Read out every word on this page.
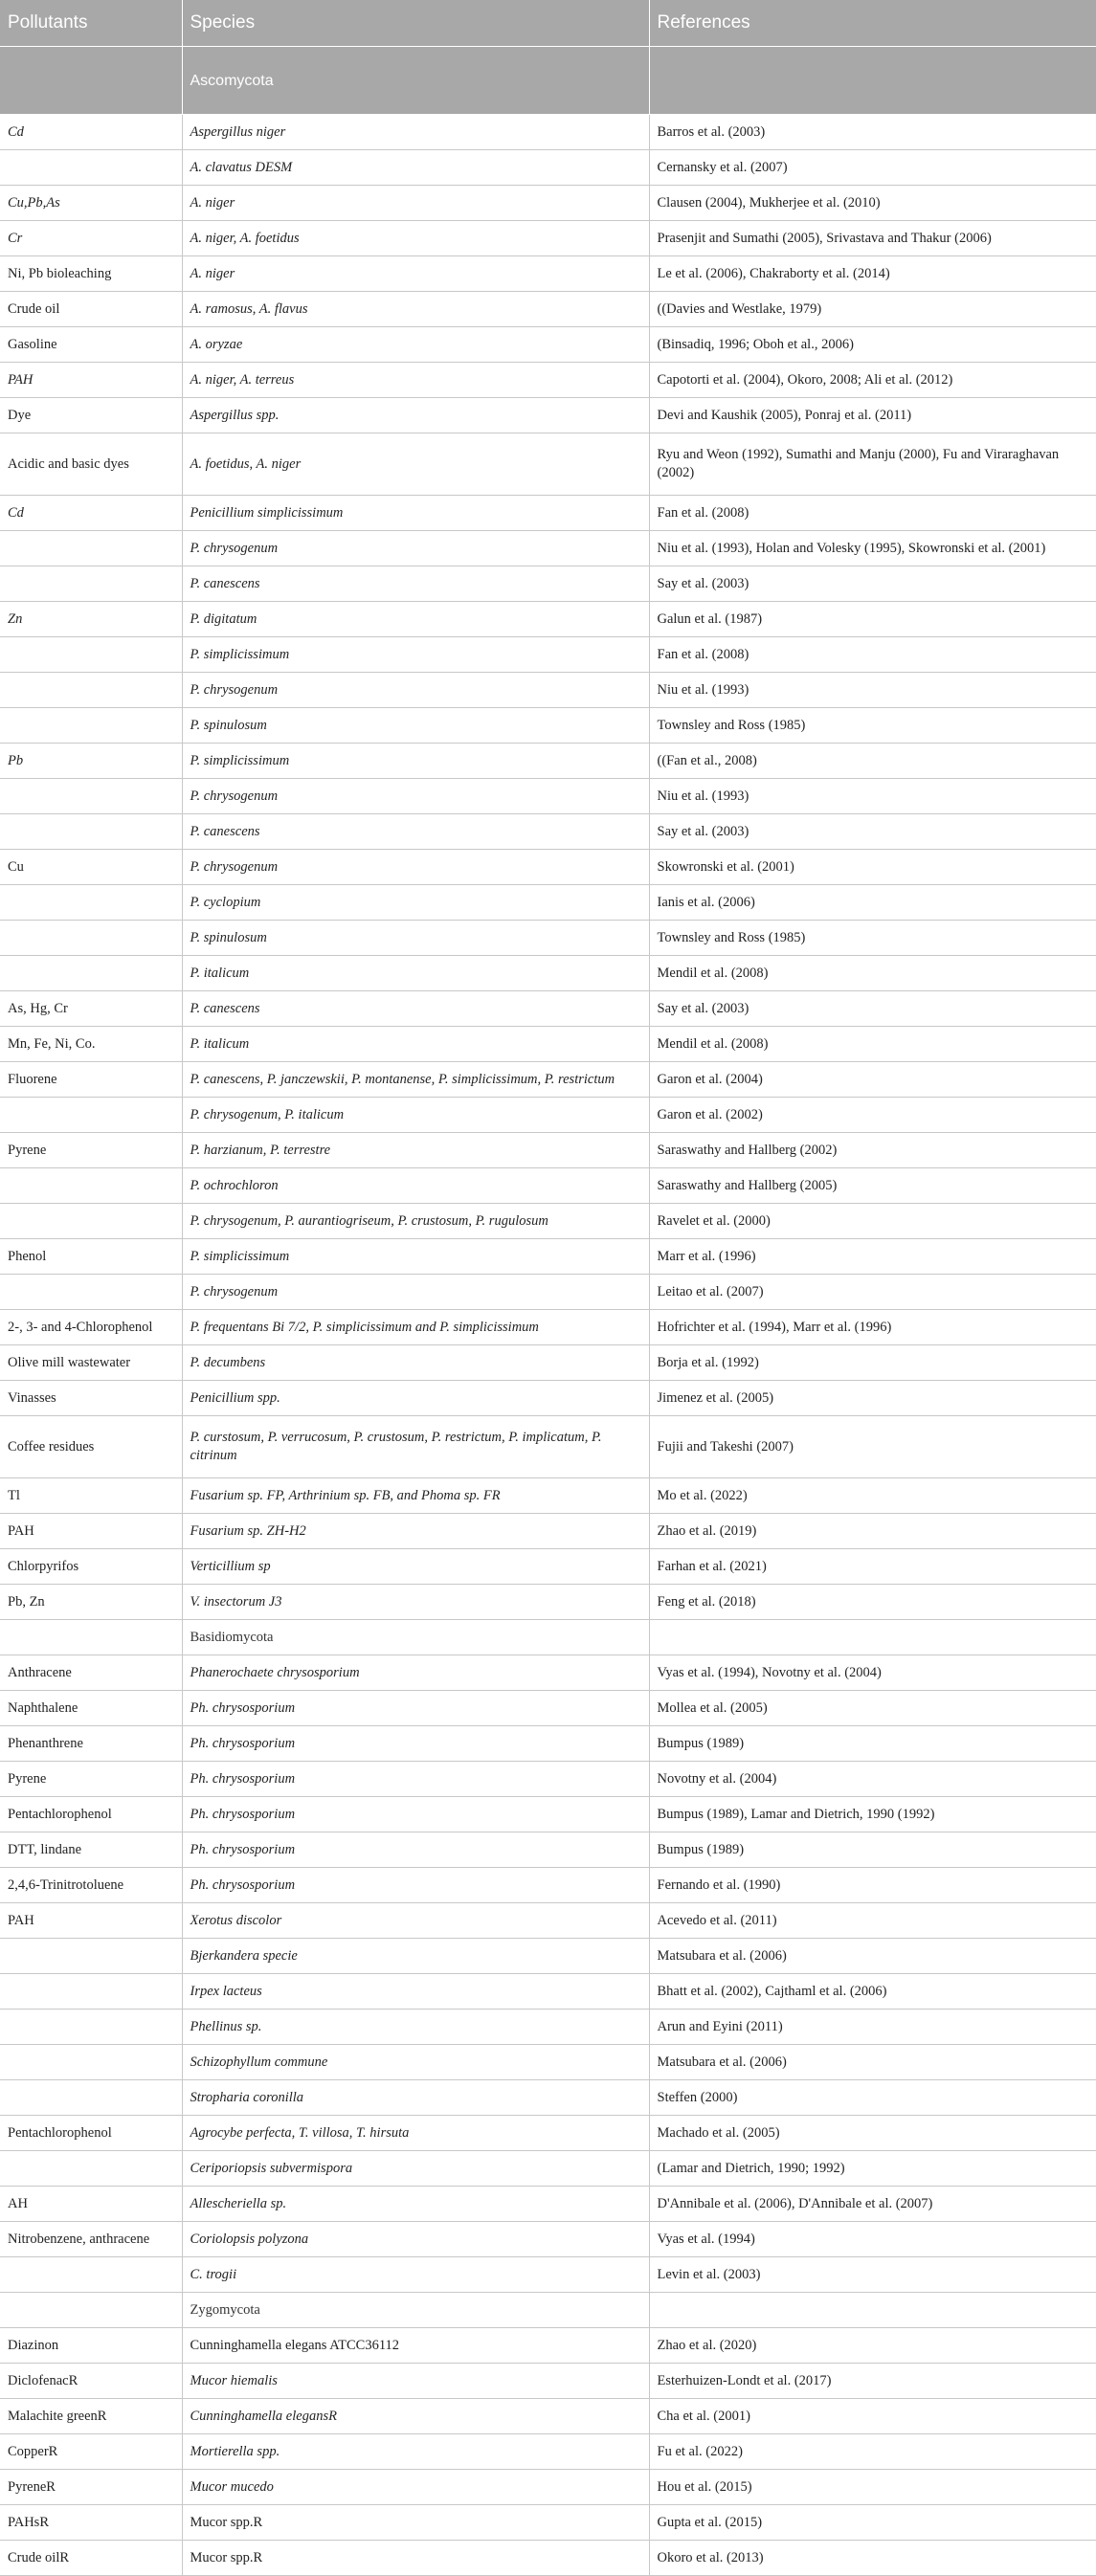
Pollutants	Species	References
	Ascomycota	
Cd	Aspergillus niger	Barros et al. (2003)
	A. clavatus DESM	Cernansky et al. (2007)
Cu,Pb,As	A. niger	Clausen (2004), Mukherjee et al. (2010)
Cr	A. niger, A. foetidus	Prasenjit and Sumathi (2005), Srivastava and Thakur (2006)
Ni, Pb bioleaching	A. niger	Le et al. (2006), Chakraborty et al. (2014)
Crude oil	A. ramosus, A. flavus	((Davies and Westlake, 1979)
Gasoline	A. oryzae	(Binsadiq, 1996; Oboh et al., 2006)
PAH	A. niger, A. terreus	Capotorti et al. (2004), Okoro, 2008; Ali et al. (2012)
Dye	Aspergillus spp.	Devi and Kaushik (2005), Ponraj et al. (2011)
Acidic and basic dyes	A. foetidus, A. niger	Ryu and Weon (1992), Sumathi and Manju (2000), Fu and Viraraghavan (2002)
Cd	Penicillium simplicissimum	Fan et al. (2008)
	P. chrysogenum	Niu et al. (1993), Holan and Volesky (1995), Skowronski et al. (2001)
	P. canescens	Say et al. (2003)
Zn	P. digitatum	Galun et al. (1987)
	P. simplicissimum	Fan et al. (2008)
	P. chrysogenum	Niu et al. (1993)
	P. spinulosum	Townsley and Ross (1985)
Pb	P. simplicissimum	((Fan et al., 2008)
	P. chrysogenum	Niu et al. (1993)
	P. canescens	Say et al. (2003)
Cu	P. chrysogenum	Skowronski et al. (2001)
	P. cyclopium	Ianis et al. (2006)
	P. spinulosum	Townsley and Ross (1985)
	P. italicum	Mendil et al. (2008)
As, Hg, Cr	P. canescens	Say et al. (2003)
Mn, Fe, Ni, Co.	P. italicum	Mendil et al. (2008)
Fluorene	P. canescens, P. janczewskii, P. montanense, P. simplicissimum, P. restrictum	Garon et al. (2004)
	P. chrysogenum, P. italicum	Garon et al. (2002)
Pyrene	P. harzianum, P. terrestre	Saraswathy and Hallberg (2002)
	P. ochrochloron	Saraswathy and Hallberg (2005)
	P. chrysogenum, P. aurantiogriseum, P. crustosum, P. rugulosum	Ravelet et al. (2000)
Phenol	P. simplicissimum	Marr et al. (1996)
	P. chrysogenum	Leitao et al. (2007)
2-, 3- and 4-Chlorophenol	P. frequentans Bi 7/2, P. simplicissimum and P. simplicissimum	Hofrichter et al. (1994), Marr et al. (1996)
Olive mill wastewater	P. decumbens	Borja et al. (1992)
Vinasses	Penicillium spp.	Jimenez et al. (2005)
Coffee residues	P. curstosum, P. verrucosum, P. crustosum, P. restrictum, P. implicatum, P. citrinum	Fujii and Takeshi (2007)
Tl	Fusarium sp. FP, Arthrinium sp. FB, and Phoma sp. FR	Mo et al. (2022)
PAH	Fusarium sp. ZH-H2	Zhao et al. (2019)
Chlorpyrifos	Verticillium sp	Farhan et al. (2021)
Pb, Zn	V. insectorum J3	Feng et al. (2018)
	Basidiomycota	
Anthracene	Phanerochaete chrysosporium	Vyas et al. (1994), Novotny et al. (2004)
Naphthalene	Ph. chrysosporium	Mollea et al. (2005)
Phenanthrene	Ph. chrysosporium	Bumpus (1989)
Pyrene	Ph. chrysosporium	Novotny et al. (2004)
Pentachlorophenol	Ph. chrysosporium	Bumpus (1989), Lamar and Dietrich, 1990 (1992)
DTT, lindane	Ph. chrysosporium	Bumpus (1989)
2,4,6-Trinitrotoluene	Ph. chrysosporium	Fernando et al. (1990)
PAH	Xerotus discolor	Acevedo et al. (2011)
	Bjerkandera specie	Matsubara et al. (2006)
	Irpex lacteus	Bhatt et al. (2002), Cajthaml et al. (2006)
	Phellinus sp.	Arun and Eyini (2011)
	Schizophyllum commune	Matsubara et al. (2006)
	Stropharia coronilla	Steffen (2000)
Pentachlorophenol	Agrocybe perfecta, T. villosa, T. hirsuta	Machado et al. (2005)
	Ceriporiopsis subvermispora	(Lamar and Dietrich, 1990; 1992)
AH	Allescheriella sp.	D'Annibale et al. (2006), D'Annibale et al. (2007)
Nitrobenzene, anthracene	Coriolopsis polyzona	Vyas et al. (1994)
	C. trogii	Levin et al. (2003)
	Zygomycota	
Diazinon	Cunninghamella elegans ATCC36112	Zhao et al. (2020)
DiclofenacR	Mucor hiemalis	Esterhuizen-Londt et al. (2017)
Malachite greenR	Cunninghamella elegansR	Cha et al. (2001)
CopperR	Mortierella spp.	Fu et al. (2022)
PyreneR	Mucor mucedo	Hou et al. (2015)
PAHsR	Mucor spp.R	Gupta et al. (2015)
Crude oilR	Mucor spp.R	Okoro et al. (2013)
